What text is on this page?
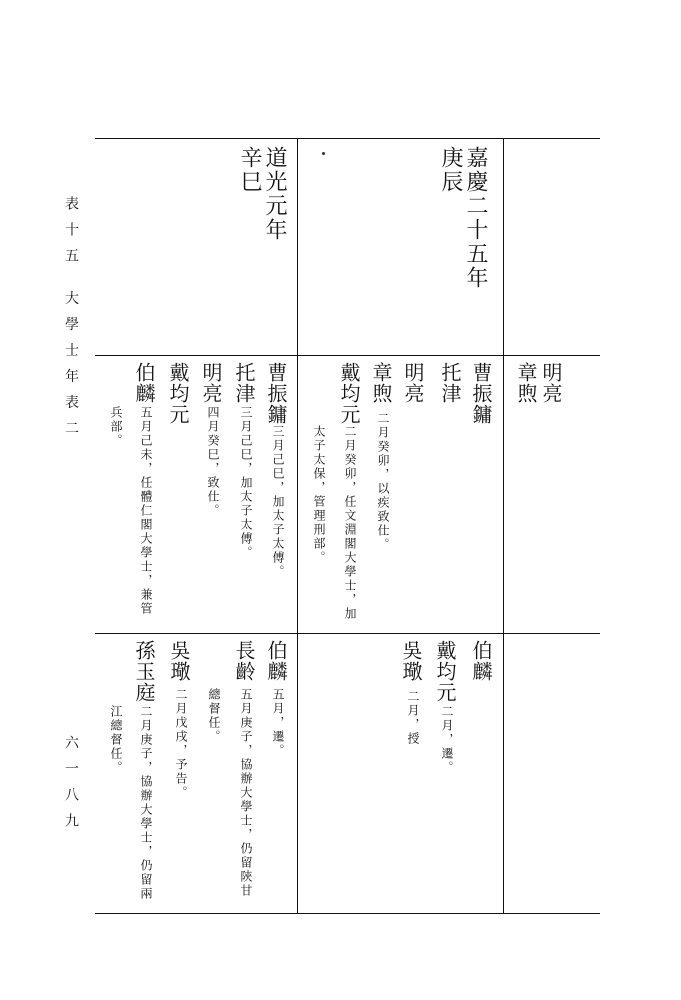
表十五 大學士年表二
六一八九
嘉慶二十五年
庚辰
道光元年
辛巳
明亮
章煦
曹振鏞
托津
明亮
章煦
二月癸卯，以疾致仕。
戴均元
二月癸卯，任文淵閣大學士，加
太子太保，管理刑部。
曹振鏞
三月己巳，加太子太傅。
托津
三月己巳，加太子太傅。
明亮
四月癸巳，致仕。
戴均元
伯麟
五月己未，任體仁閣大學士，兼管
兵部。
伯麟
戴均元
二月，遷。
吳璥
二月，授
伯麟
五月，遷。
長齡
五月庚子，協辦大學士，仍留陝甘
總督任。
吳璥
二月戊戌，予告。
孫玉庭
二月庚子，協辦大學士，仍留兩
江總督任。
